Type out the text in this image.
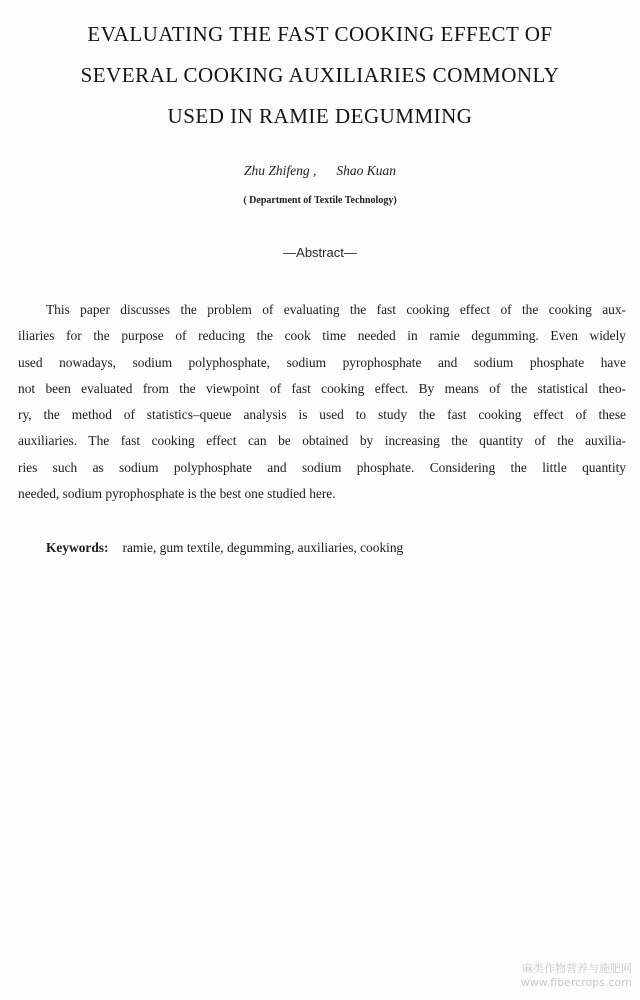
EVALUATING THE FAST COOKING EFFECT OF
SEVERAL COOKING AUXILIARIES COMMONLY
USED IN RAMIE DEGUMMING
Zhu Zhifeng , Shao Kuan
( Department of Textile Technology)
—Abstract—
This paper discusses the problem of evaluating the fast cooking effect of the cooking aux-
iliaries for the purpose of reducing the cook time needed in ramie degumming. Even widely
used nowadays, sodium polyphosphate, sodium pyrophosphate and sodium phosphate have
not been evaluated from the viewpoint of fast cooking effect. By means of the statistical theo-
ry, the method of statistics–queue analysis is used to study the fast cooking effect of these
auxiliaries. The fast cooking effect can be obtained by increasing the quantity of the auxilia-
ries such as sodium polyphosphate and sodium phosphate. Considering the little quantity
needed, sodium pyrophosphate is the best one studied here.
Keywords: ramie, gum textile, degumming, auxiliaries, cooking
麻类作物营养与施肥网
www.fibercrops.com
